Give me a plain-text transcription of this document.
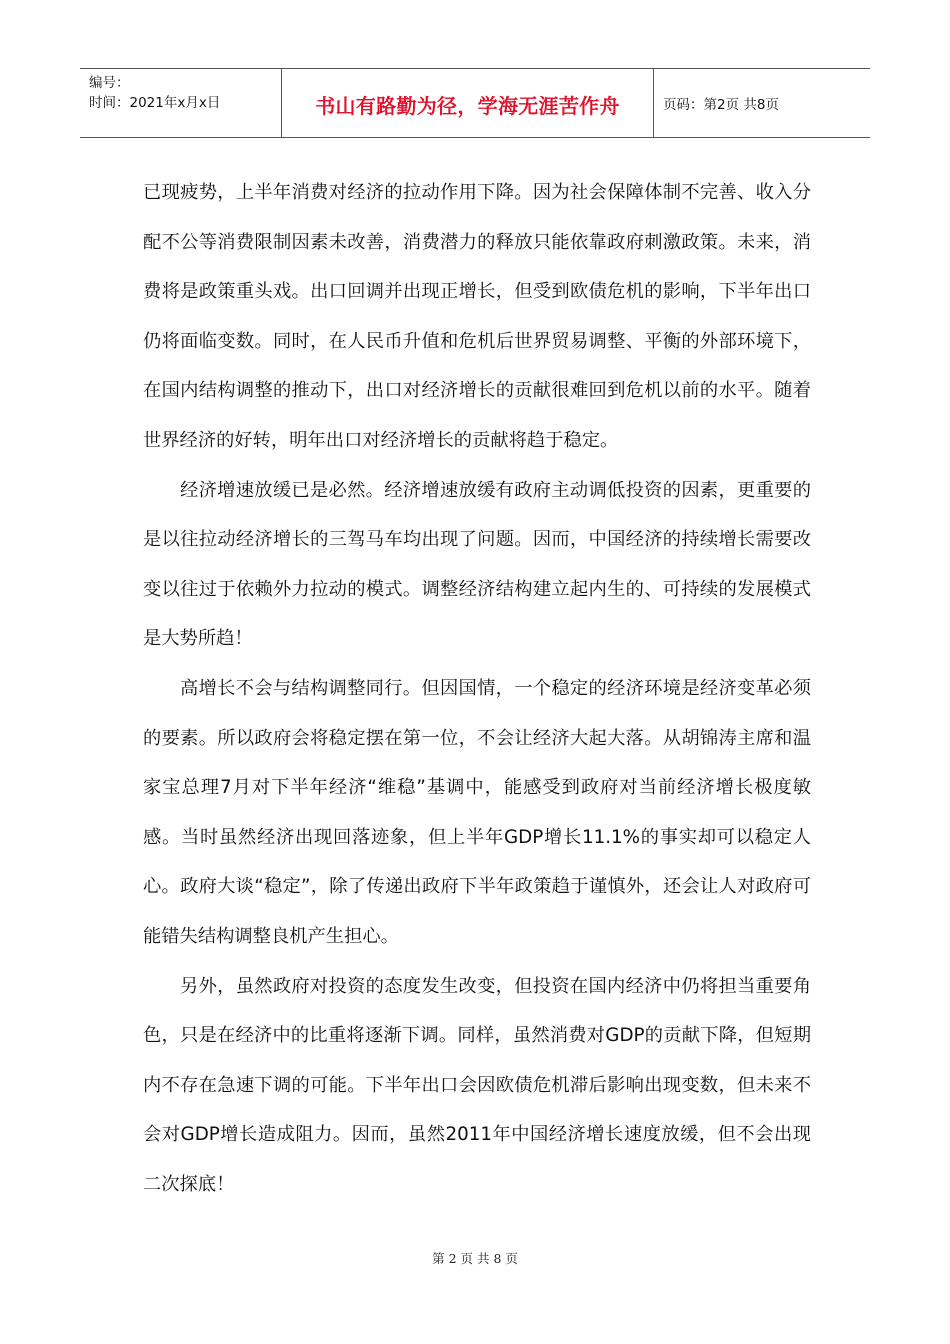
编号：
时间：2021年x月x日	书山有路勤为径，学海无涯苦作舟	页码：第2页 共8页

已现疲势，上半年消费对经济的拉动作用下降。因为社会保障体制不完善、收入分配不公等消费限制因素未改善，消费潜力的释放只能依靠政府刺激政策。未来，消费将是政策重头戏。出口回调并出现正增长，但受到欧债危机的影响，下半年出口仍将面临变数。同时，在人民币升值和危机后世界贸易调整、平衡的外部环境下，在国内结构调整的推动下，出口对经济增长的贡献很难回到危机以前的水平。随着世界经济的好转，明年出口对经济增长的贡献将趋于稳定。

经济增速放缓已是必然。经济增速放缓有政府主动调低投资的因素，更重要的是以往拉动经济增长的三驾马车均出现了问题。因而，中国经济的持续增长需要改变以往过于依赖外力拉动的模式。调整经济结构建立起内生的、可持续的发展模式是大势所趋！

高增长不会与结构调整同行。但因国情，一个稳定的经济环境是经济变革必须的要素。所以政府会将稳定摆在第一位，不会让经济大起大落。从胡锦涛主席和温家宝总理7月对下半年经济“维稳”基调中，能感受到政府对当前经济增长极度敏感。当时虽然经济出现回落迹象，但上半年GDP增长11.1%的事实却可以稳定人心。政府大谈“稳定”，除了传递出政府下半年政策趋于谨慎外，还会让人对政府可能错失结构调整良机产生担心。

另外，虽然政府对投资的态度发生改变，但投资在国内经济中仍将担当重要角色，只是在经济中的比重将逐渐下调。同样，虽然消费对GDP的贡献下降，但短期内不存在急速下调的可能。下半年出口会因欧债危机滞后影响出现变数，但未来不会对GDP增长造成阻力。因而，虽然2011年中国经济增长速度放缓，但不会出现二次探底！

第 2 页 共 8 页
